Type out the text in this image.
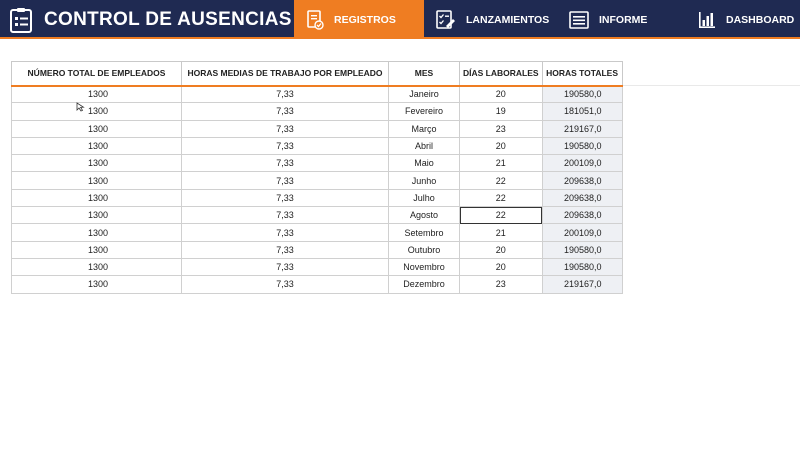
CONTROL DE AUSENCIAS	REGISTROS	LANZAMIENTOS	INFORME	DASHBOARD
NÚMERO TOTAL DE EMPLEADOS	HORAS MEDIAS DE TRABAJO POR EMPLEADO	MES	DÍAS LABORALES	HORAS TOTALES
1300	7,33	Janeiro	20	190580,0
1300	7,33	Fevereiro	19	181051,0
1300	7,33	Março	23	219167,0
1300	7,33	Abril	20	190580,0
1300	7,33	Maio	21	200109,0
1300	7,33	Junho	22	209638,0
1300	7,33	Julho	22	209638,0
1300	7,33	Agosto	22	209638,0
1300	7,33	Setembro	21	200109,0
1300	7,33	Outubro	20	190580,0
1300	7,33	Novembro	20	190580,0
1300	7,33	Dezembro	23	219167,0
